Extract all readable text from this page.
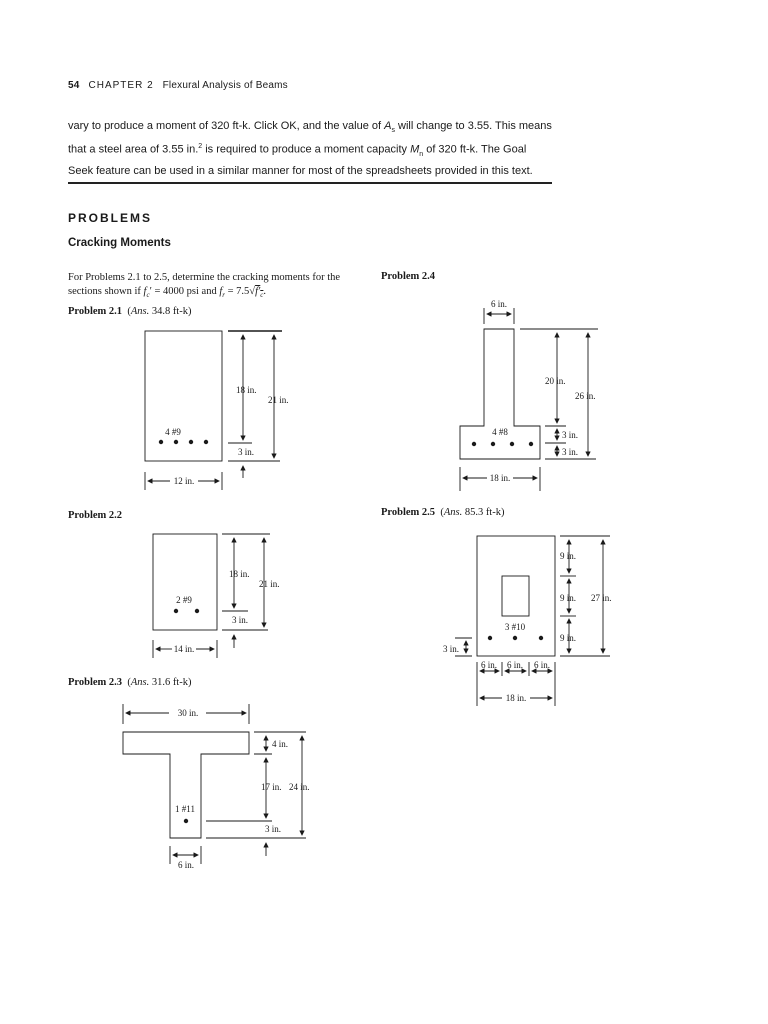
54 CHAPTER 2 Flexural Analysis of Beams
vary to produce a moment of 320 ft-k. Click OK, and the value of $A_s$ will change to 3.55. This means that a steel area of 3.55 in.$^2$ is required to produce a moment capacity $M_n$ of 320 ft-k. The Goal Seek feature can be used in a similar manner for most of the spreadsheets provided in this text.
PROBLEMS
Cracking Moments
For Problems 2.1 to 2.5, determine the cracking moments for the sections shown if $f_c' = 4000$ psi and $f_r = 7.5√f'_c$.
Problem 2.1  (Ans. 34.8 ft-k)
Problem 2.2
Problem 2.3  (Ans. 31.6 ft-k)
Problem 2.4
Problem 2.5  (Ans. 85.3 ft-k)
4 #9
18 in.
21 in.
3 in.
12 in.
2 #9
18 in.
21 in.
3 in.
14 in.
30 in.
4 in.
17 in. 24 in.
1 #11
3 in.
6 in.
6 in.
20 in.
26 in.
4 #8	3 in.
3 in.
18 in.
9 in.
9 in.
9 in.
27 in.
3 #10
3 in.
6 in. 6 in. 6 in.
18 in.
